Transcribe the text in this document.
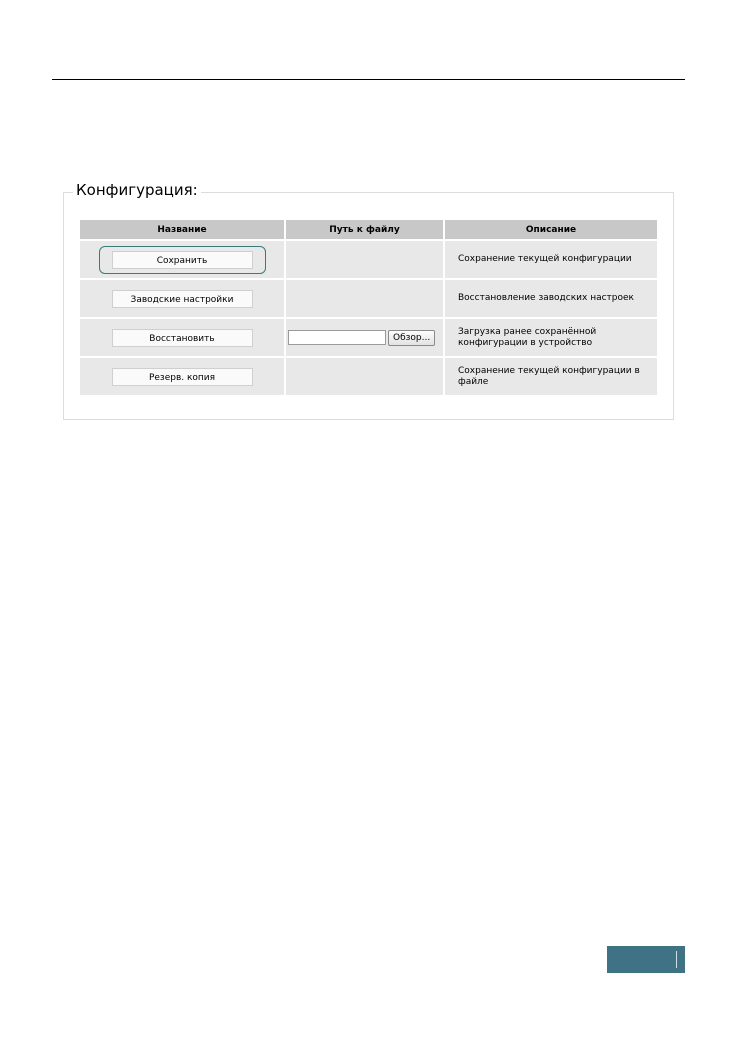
Конфигурация:
Название	Путь к файлу	Описание
Сохранить		Сохранение текущей конфигурации
Заводские настройки		Восстановление заводских настроек
Восстановить	Обзор...	Загрузка ранее сохранённой конфигурации в устройство
Резерв. копия		Сохранение текущей конфигурации в файле
